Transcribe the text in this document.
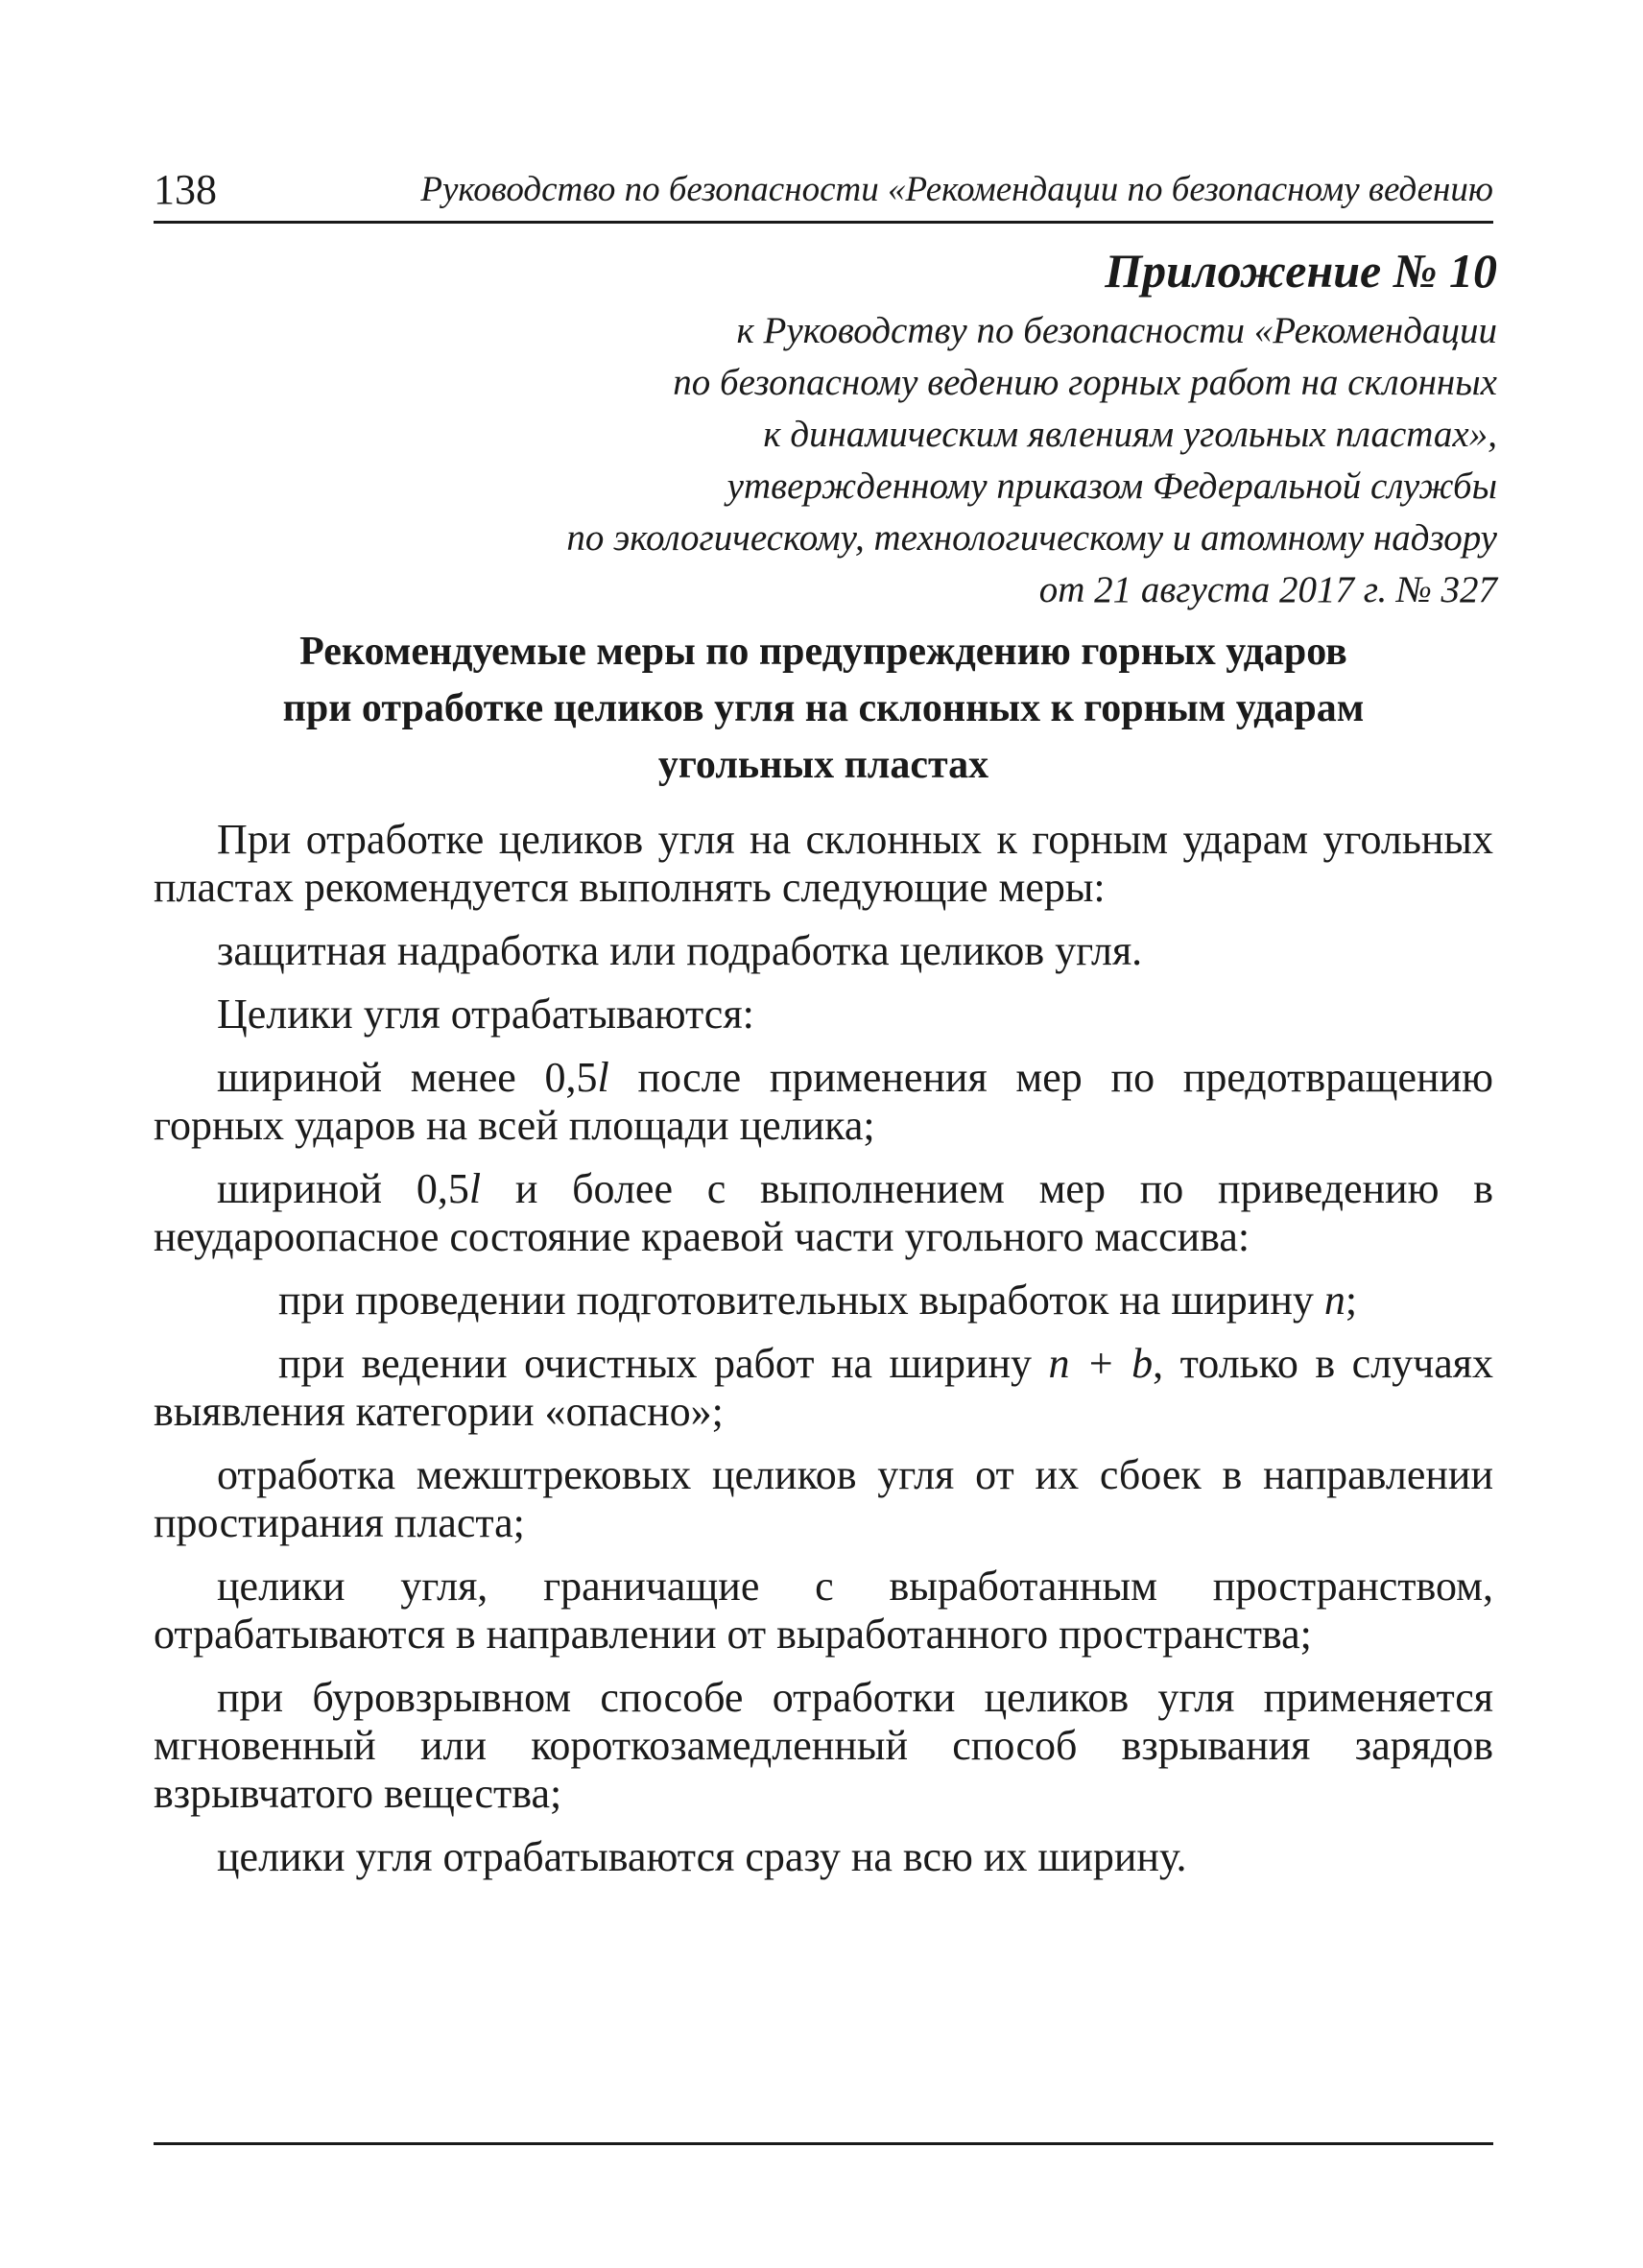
138	Руководство по безопасности «Рекомендации по безопасному ведению
Приложение № 10
к Руководству по безопасности «Рекомендации
по безопасному ведению горных работ на склонных
к динамическим явлениям угольных пластах»,
утвержденному приказом Федеральной службы
по экологическому, технологическому и атомному надзору
от 21 августа 2017 г. № 327
Рекомендуемые меры по предупреждению горных ударов
при отработке целиков угля на склонных к горным ударам
угольных пластах

При отработке целиков угля на склонных к горным ударам угольных пластах рекомендуется выполнять следующие меры:

защитная надработка или подработка целиков угля.

Целики угля отрабатываются:

шириной менее 0,5l после применения мер по предотвращению горных ударов на всей площади целика;

шириной 0,5l и более с выполнением мер по приведению в неудароопасное состояние краевой части угольного массива:

при проведении подготовительных выработок на ширину n;

при ведении очистных работ на ширину n + b, только в случаях выявления категории «опасно»;

отработка межштрековых целиков угля от их сбоек в направлении простирания пласта;

целики угля, граничащие с выработанным пространством, отрабатываются в направлении от выработанного пространства;

при буровзрывном способе отработки целиков угля применяется мгновенный или короткозамедленный способ взрывания зарядов взрывчатого вещества;

целики угля отрабатываются сразу на всю их ширину.
